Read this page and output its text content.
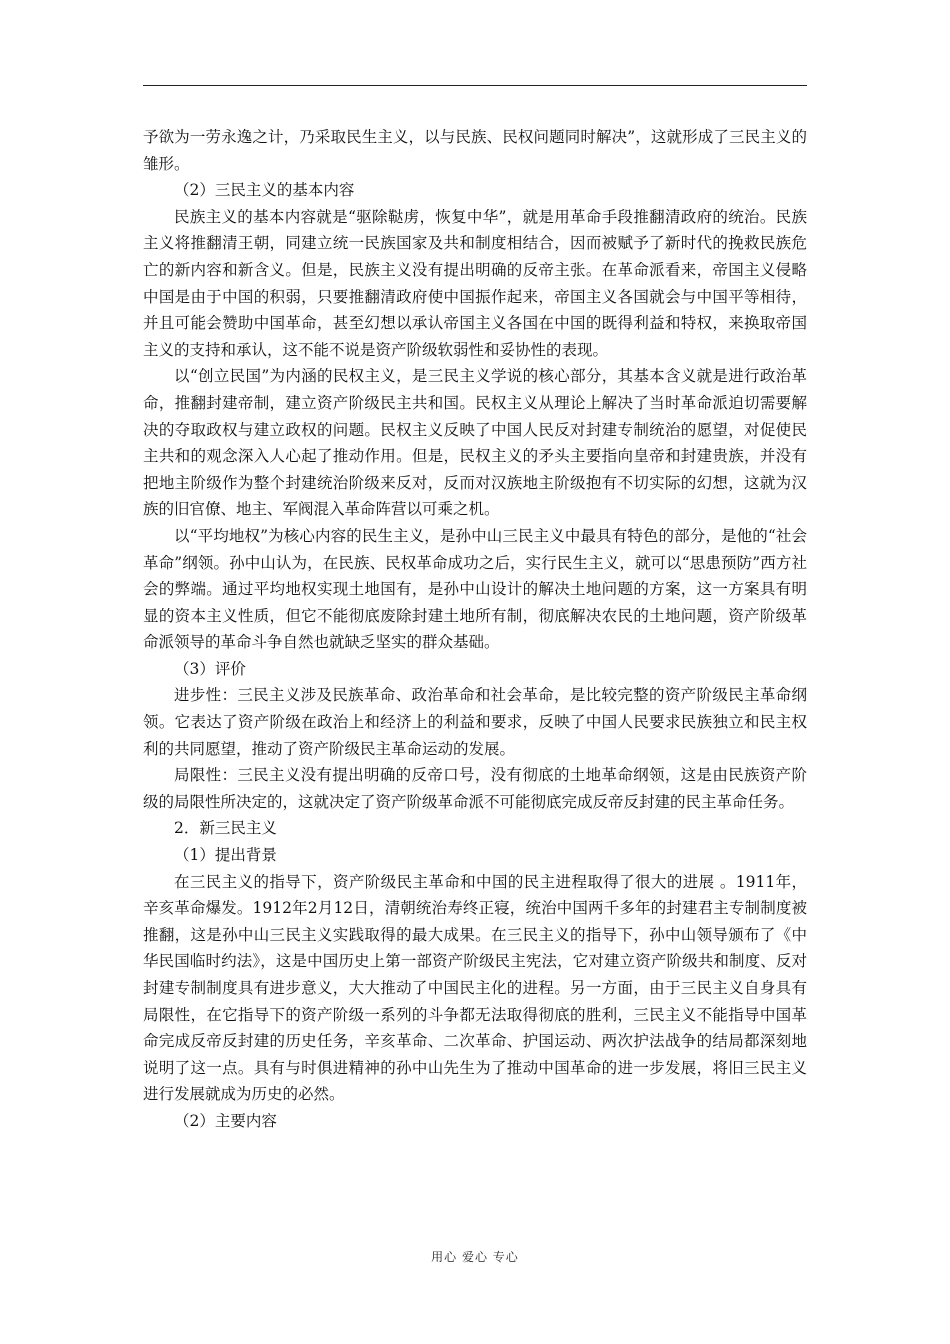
予欲为一劳永逸之计，乃采取民生主义，以与民族、民权问题同时解决”，这就形成了三民主义的雏形。

（2）三民主义的基本内容

民族主义的基本内容就是“驱除鞑虏，恢复中华”，就是用革命手段推翻清政府的统治。民族主义将推翻清王朝，同建立统一民族国家及共和制度相结合，因而被赋予了新时代的挽救民族危亡的新内容和新含义。但是，民族主义没有提出明确的反帝主张。在革命派看来，帝国主义侵略中国是由于中国的积弱，只要推翻清政府使中国振作起来，帝国主义各国就会与中国平等相待，并且可能会赞助中国革命，甚至幻想以承认帝国主义各国在中国的既得利益和特权，来换取帝国主义的支持和承认，这不能不说是资产阶级软弱性和妥协性的表现。

以“创立民国”为内涵的民权主义，是三民主义学说的核心部分，其基本含义就是进行政治革命，推翻封建帝制，建立资产阶级民主共和国。民权主义从理论上解决了当时革命派迫切需要解决的夺取政权与建立政权的问题。民权主义反映了中国人民反对封建专制统治的愿望，对促使民主共和的观念深入人心起了推动作用。但是，民权主义的矛头主要指向皇帝和封建贵族，并没有把地主阶级作为整个封建统治阶级来反对，反而对汉族地主阶级抱有不切实际的幻想，这就为汉族的旧官僚、地主、军阀混入革命阵营以可乘之机。

以“平均地权”为核心内容的民生主义，是孙中山三民主义中最具有特色的部分，是他的“社会革命”纲领。孙中山认为，在民族、民权革命成功之后，实行民生主义，就可以“思患预防”西方社会的弊端。通过平均地权实现土地国有，是孙中山设计的解决土地问题的方案，这一方案具有明显的资本主义性质，但它不能彻底废除封建土地所有制，彻底解决农民的土地问题，资产阶级革命派领导的革命斗争自然也就缺乏坚实的群众基础。

（3）评价

进步性：三民主义涉及民族革命、政治革命和社会革命，是比较完整的资产阶级民主革命纲领。它表达了资产阶级在政治上和经济上的利益和要求，反映了中国人民要求民族独立和民主权利的共同愿望，推动了资产阶级民主革命运动的发展。

局限性：三民主义没有提出明确的反帝口号，没有彻底的土地革命纲领，这是由民族资产阶级的局限性所决定的，这就决定了资产阶级革命派不可能彻底完成反帝反封建的民主革命任务。

2．新三民主义

（1）提出背景

在三民主义的指导下，资产阶级民主革命和中国的民主进程取得了很大的进展 。1911年，辛亥革命爆发。1912年2月12日，清朝统治寿终正寝，统治中国两千多年的封建君主专制制度被推翻，这是孙中山三民主义实践取得的最大成果。在三民主义的指导下，孙中山领导颁布了《中华民国临时约法》，这是中国历史上第一部资产阶级民主宪法，它对建立资产阶级共和制度、反对封建专制制度具有进步意义，大大推动了中国民主化的进程。另一方面，由于三民主义自身具有局限性，在它指导下的资产阶级一系列的斗争都无法取得彻底的胜利，三民主义不能指导中国革命完成反帝反封建的历史任务，辛亥革命、二次革命、护国运动、两次护法战争的结局都深刻地说明了这一点。具有与时俱进精神的孙中山先生为了推动中国革命的进一步发展，将旧三民主义进行发展就成为历史的必然。

（2）主要内容

用心 爱心 专心
